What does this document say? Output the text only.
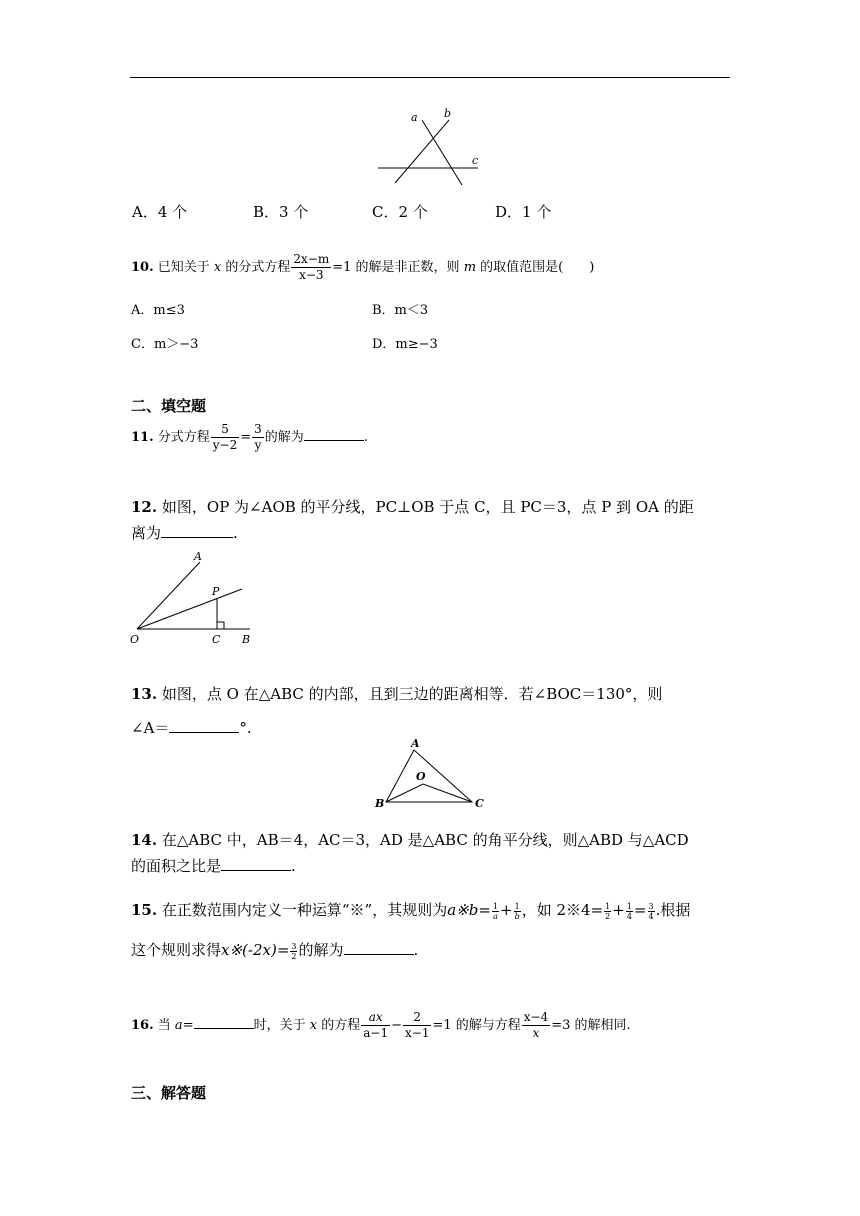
a b
c
A．4 个	B．3 个	C．2 个	D．1 个
10. 已知关于 x 的分式方程 $\frac{2x-m}{x-3} =1$ 的解是非正数，则 m 的取值范围是(　　)
A．m≤3	B．m＜3
C．m＞−3	D．m≥−3
二、填空题
11. 分式方程 $\frac{5}{y-2} = \frac{3}{y}$ 的解为	.
12. 如图，OP 为∠AOB 的平分线，PC⊥OB 于点 C，且 PC＝3，点 P 到 OA 的距
离为	.
A
P
O	C B
13. 如图，点 O 在△ABC 的内部，且到三边的距离相等．若∠BOC＝130°，则
∠A＝	°.
A
O
B	C
14. 在△ABC 中，AB＝4，AC＝3，AD 是△ABC 的角平分线，则△ABD 与△ACD
的面积之比是	.
15. 在正数范围内定义一种运算“※”，其规则为a※b= $\frac{1}{a} + \frac{1}{b}$ ，如 2※4= $\frac{1}{2} + \frac{1}{4} = \frac{3}{4}$ .根据
这个规则求得x※(-2x)= $\frac{3}{2}$ 的解为	.
16. 当 a=	时，关于 x 的方程 $\frac{ax}{a-1} - \frac{2}{x-1} =1$ 的解与方程 $\frac{x-4}{x} =3$ 的解相同.
三、解答题
